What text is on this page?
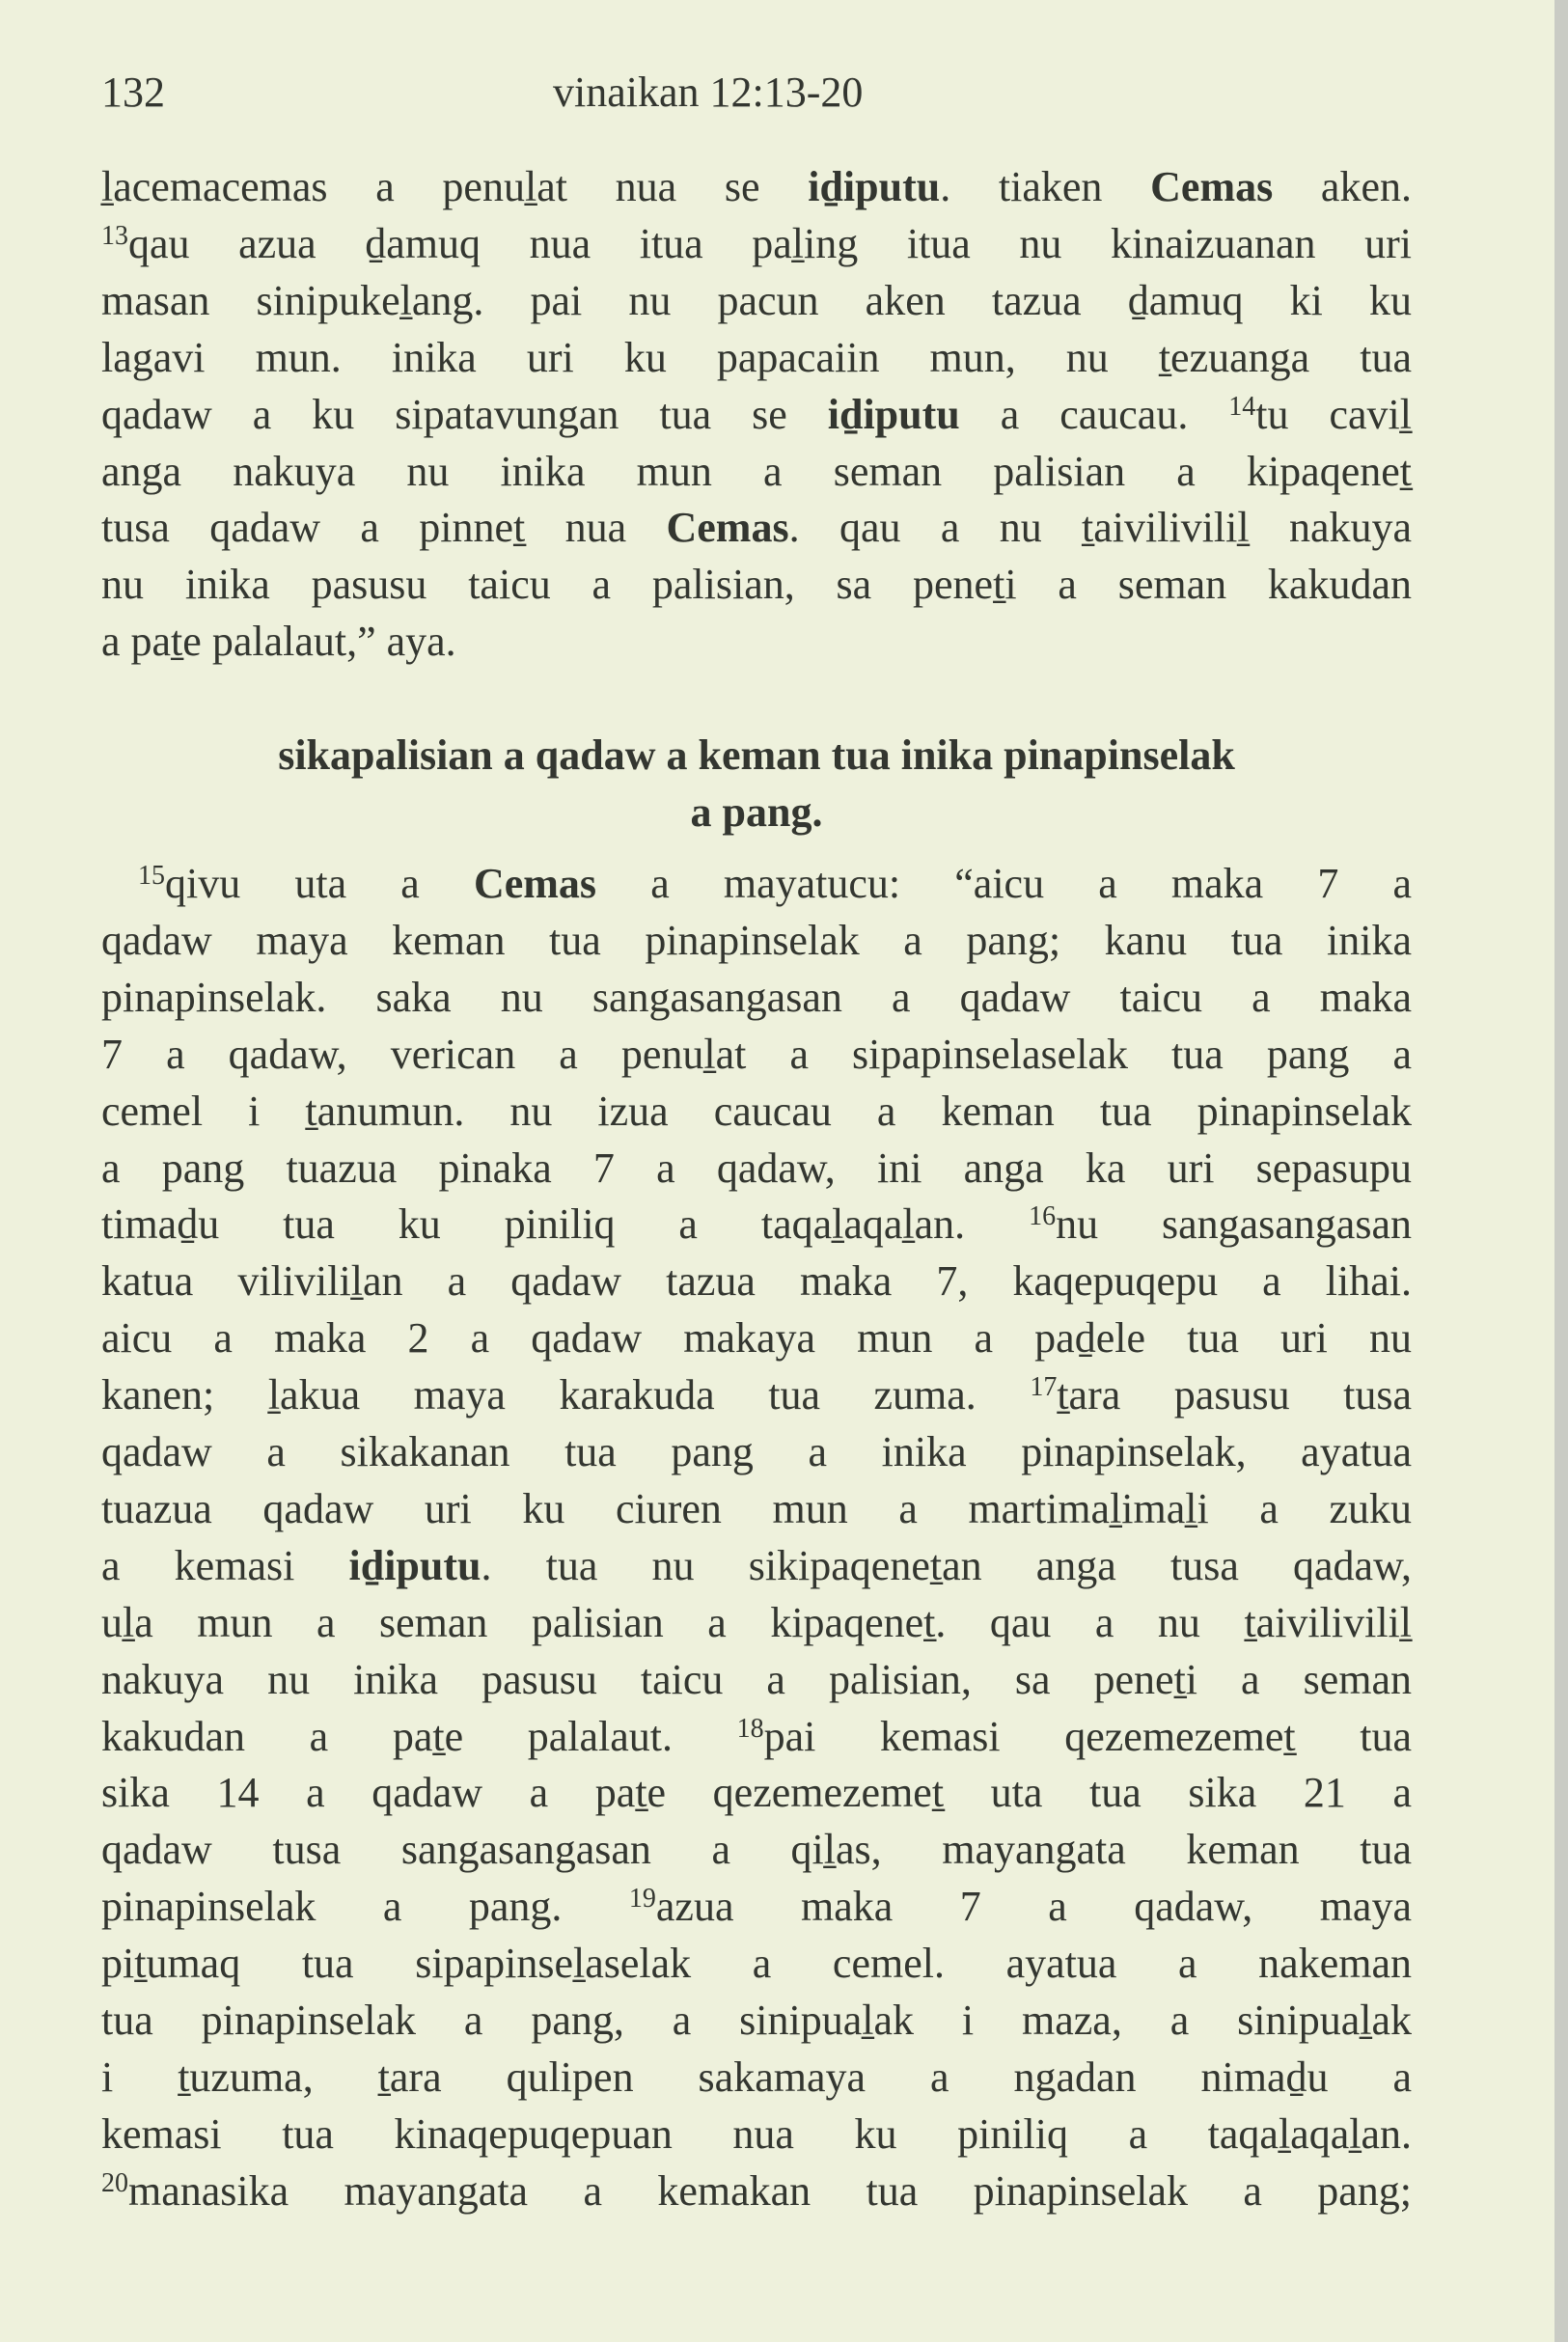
132	vinaikan 12:13-20
ḻacemacemas a penuḻat nua se iḏiputu. tiaken Cemas aken.
$^{13}$qau azua ḏamuq nua itua paḻing itua nu kinaizuanan uri
masan sinipukeḻang. pai nu pacun aken tazua ḏamuq ki ku
lagavi mun. inika uri ku papacaiin mun, nu ṯezuanga tua
qadaw a ku sipatavungan tua se iḏiputu a caucau. $^{14}$tu caviḻ
anga nakuya nu inika mun a seman palisian a kipaqeneṯ
tusa qadaw a pinneṯ nua Cemas. qau a nu ṯaiviliviliḻ nakuya
nu inika pasusu taicu a palisian, sa peneṯi a seman kakudan
a paṯe palalaut,” aya.
sikapalisian a qadaw a keman tua inika pinapinselak
a pang.
$^{15}$qivu uta a Cemas a mayatucu: “aicu a maka 7 a
qadaw maya keman tua pinapinselak a pang; kanu tua inika
pinapinselak. saka nu sangasangasan a qadaw taicu a maka
7 a qadaw, verican a penuḻat a sipapinselaselak tua pang a
cemel i ṯanumun. nu izua caucau a keman tua pinapinselak
a pang tuazua pinaka 7 a qadaw, ini anga ka uri sepasupu
timaḏu tua ku piniliq a taqaḻaqaḻan. $^{16}$nu sangasangasan
katua viliviliḻan a qadaw tazua maka 7, kaqepuqepu a lihai.
aicu a maka 2 a qadaw makaya mun a paḏele tua uri nu
kanen; ḻakua maya karakuda tua zuma. $^{17}$ṯara pasusu tusa
qadaw a sikakanan tua pang a inika pinapinselak, ayatua
tuazua qadaw uri ku ciuren mun a martimaḻimaḻi a zuku
a kemasi iḏiputu. tua nu sikipaqeneṯan anga tusa qadaw,
uḻa mun a seman palisian a kipaqeneṯ. qau a nu ṯaiviliviliḻ
nakuya nu inika pasusu taicu a palisian, sa peneṯi a seman
kakudan a paṯe palalaut. $^{18}$pai kemasi qezemezemeṯ tua
sika 14 a qadaw a paṯe qezemezemeṯ uta tua sika 21 a
qadaw tusa sangasangasan a qiḻas, mayangata keman tua
pinapinselak a pang. $^{19}$azua maka 7 a qadaw, maya
piṯumaq tua sipapinseḻaselak a cemel. ayatua a nakeman
tua pinapinselak a pang, a sinipuaḻak i maza, a sinipuaḻak
i ṯuzuma, ṯara qulipen sakamaya a ngadan nimaḏu a
kemasi tua kinaqepuqepuan nua ku piniliq a taqaḻaqaḻan.
$^{20}$manasika mayangata a kemakan tua pinapinselak a pang;
